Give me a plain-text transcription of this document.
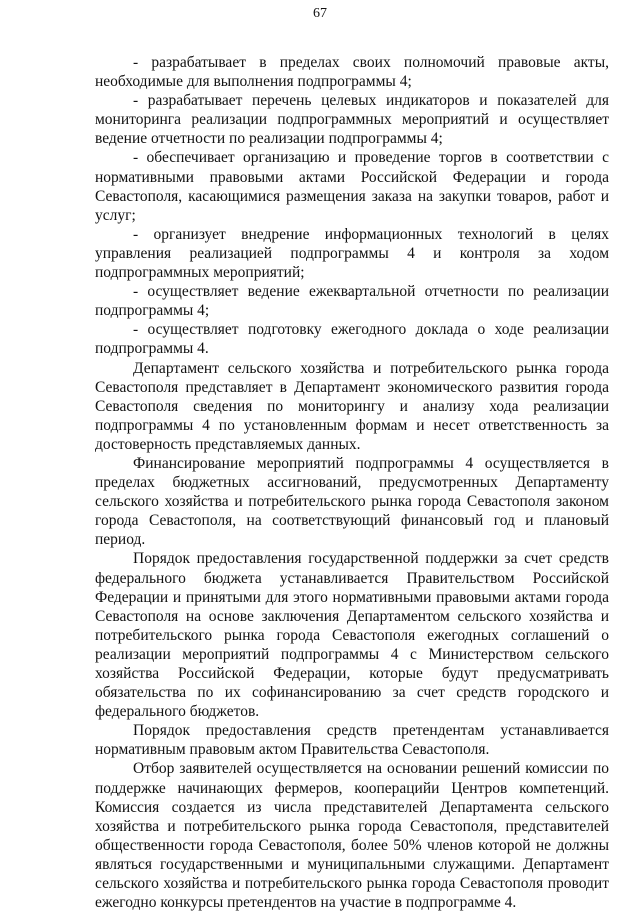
67

- разрабатывает в пределах своих полномочий правовые акты, необходимые для выполнения подпрограммы 4;

- разрабатывает перечень целевых индикаторов и показателей для мониторинга реализации подпрограммных мероприятий и осуществляет ведение отчетности по реализации подпрограммы 4;

- обеспечивает организацию и проведение торгов в соответствии с нормативными правовыми актами Российской Федерации и города Севастополя, касающимися размещения заказа на закупки товаров, работ и услуг;

- организует внедрение информационных технологий в целях управления реализацией подпрограммы 4 и контроля за ходом подпрограммных мероприятий;

- осуществляет ведение ежеквартальной отчетности по реализации подпрограммы 4;

- осуществляет подготовку ежегодного доклада о ходе реализации подпрограммы 4.

Департамент сельского хозяйства и потребительского рынка города Севастополя представляет в Департамент экономического развития города Севастополя сведения по мониторингу и анализу хода реализации подпрограммы 4 по установленным формам и несет ответственность за достоверность представляемых данных.

Финансирование мероприятий подпрограммы 4 осуществляется в пределах бюджетных ассигнований, предусмотренных Департаменту сельского хозяйства и потребительского рынка города Севастополя законом города Севастополя, на соответствующий финансовый год и плановый период.

Порядок предоставления государственной поддержки за счет средств федерального бюджета устанавливается Правительством Российской Федерации и принятыми для этого нормативными правовыми актами города Севастополя на основе заключения Департаментом сельского хозяйства и потребительского рынка города Севастополя ежегодных соглашений о реализации мероприятий подпрограммы 4 с Министерством сельского хозяйства Российской Федерации, которые будут предусматривать обязательства по их софинансированию за счет средств городского и федерального бюджетов.

Порядок предоставления средств претендентам устанавливается нормативным правовым актом Правительства Севастополя.

Отбор заявителей осуществляется на основании решений комиссии по поддержке начинающих фермеров, кооперацийи Центров компетенций. Комиссия создается из числа представителей Департамента сельского хозяйства и потребительского рынка города Севастополя, представителей общественности города Севастополя, более 50% членов которой не должны являться государственными и муниципальными служащими. Департамент сельского хозяйства и потребительского рынка города Севастополя проводит ежегодно конкурсы претендентов на участие в подпрограмме 4.
